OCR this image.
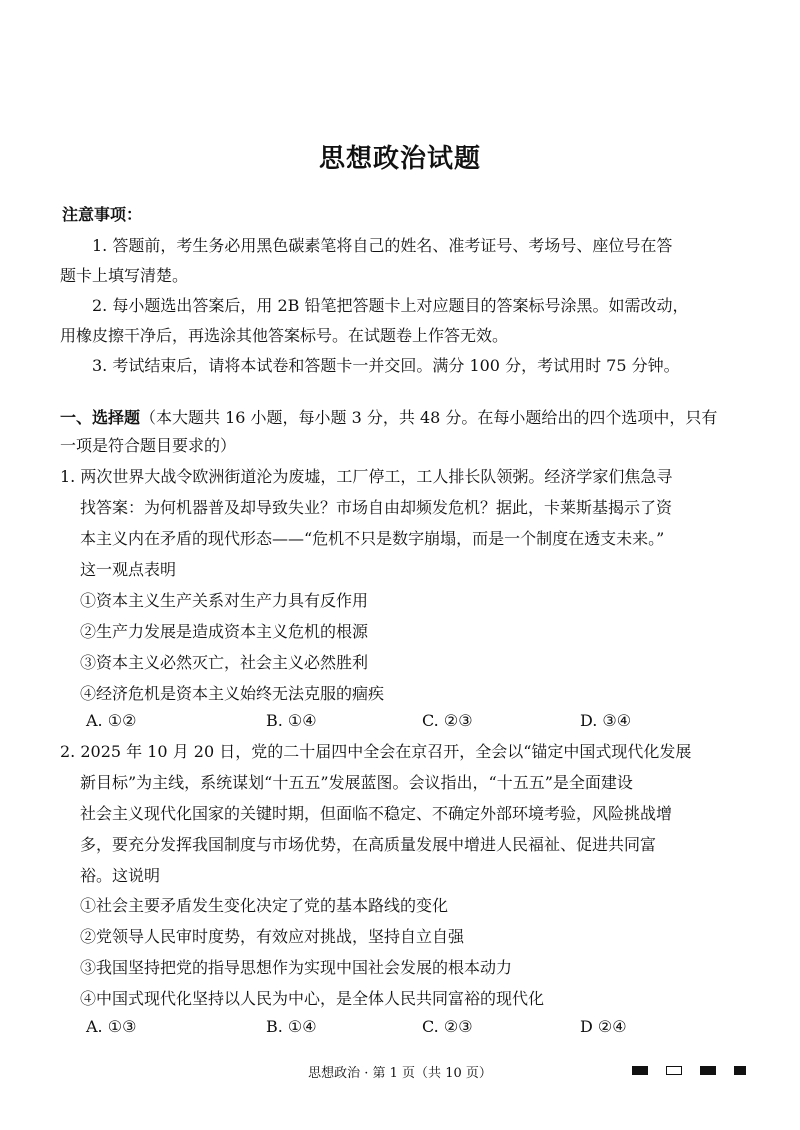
思想政治试题
注意事项：
1. 答题前，考生务必用黑色碳素笔将自己的姓名、准考证号、考场号、座位号在答
题卡上填写清楚。
2. 每小题选出答案后，用 2B 铅笔把答题卡上对应题目的答案标号涂黑。如需改动，
用橡皮擦干净后，再选涂其他答案标号。在试题卷上作答无效。
3. 考试结束后，请将本试卷和答题卡一并交回。满分 100 分，考试用时 75 分钟。
一、选择题（本大题共 16 小题，每小题 3 分，共 48 分。在每小题给出的四个选项中，只有
一项是符合题目要求的）
1. 两次世界大战令欧洲街道沦为废墟，工厂停工，工人排长队领粥。经济学家们焦急寻
找答案：为何机器普及却导致失业？市场自由却频发危机？据此，卡莱斯基揭示了资
本主义内在矛盾的现代形态——“危机不只是数字崩塌，而是一个制度在透支未来。”
这一观点表明
①资本主义生产关系对生产力具有反作用
②生产力发展是造成资本主义危机的根源
③资本主义必然灭亡，社会主义必然胜利
④经济危机是资本主义始终无法克服的痼疾
A. ①②	B. ①④	C. ②③	D. ③④
2. 2025 年 10 月 20 日，党的二十届四中全会在京召开，全会以“锚定中国式现代化发展
新目标”为主线，系统谋划“十五五”发展蓝图。会议指出，“十五五”是全面建设
社会主义现代化国家的关键时期，但面临不稳定、不确定外部环境考验，风险挑战增
多，要充分发挥我国制度与市场优势，在高质量发展中增进人民福祉、促进共同富
裕。这说明
①社会主要矛盾发生变化决定了党的基本路线的变化
②党领导人民审时度势，有效应对挑战，坚持自立自强
③我国坚持把党的指导思想作为实现中国社会发展的根本动力
④中国式现代化坚持以人民为中心，是全体人民共同富裕的现代化
A. ①③	B. ①④	C. ②③	D ②④
思想政治 · 第 1 页（共 10 页）
